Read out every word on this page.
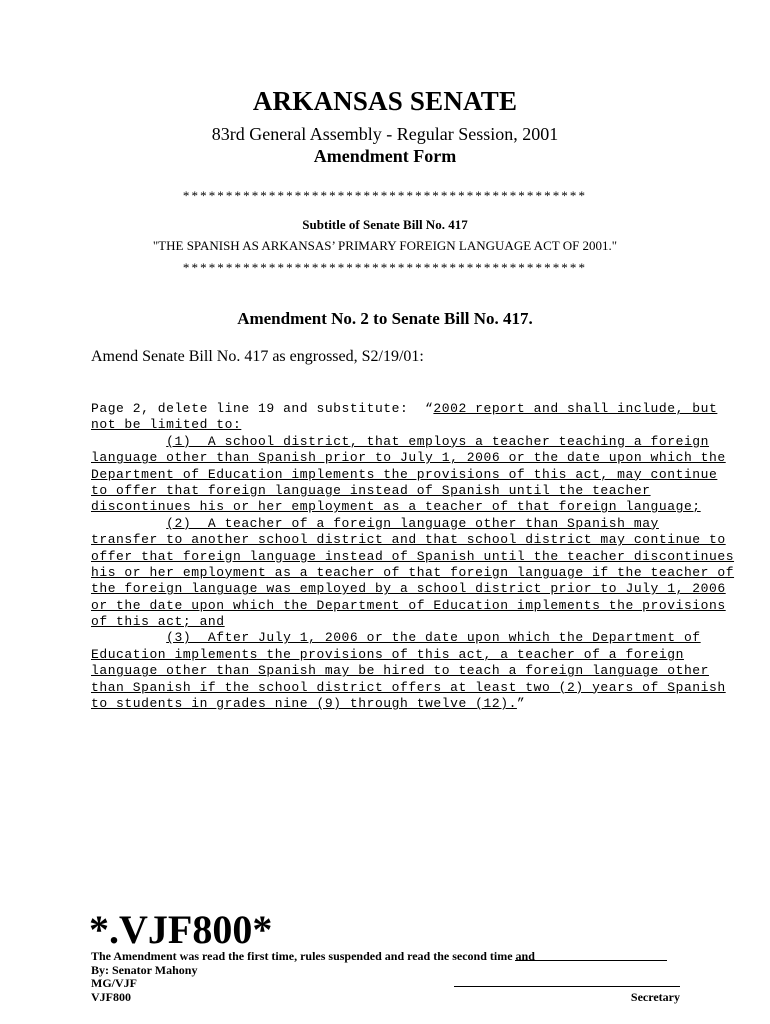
ARKANSAS SENATE
83rd General Assembly - Regular Session, 2001
Amendment Form
***********************************************
Subtitle of Senate Bill No. 417
"THE SPANISH AS ARKANSAS’ PRIMARY FOREIGN LANGUAGE ACT OF 2001."
***********************************************
Amendment No. 2 to Senate Bill No. 417.
Amend Senate Bill No. 417 as engrossed, S2/19/01:
Page 2, delete line 19 and substitute:  “2002 report and shall include, but
not be limited to:
(1)  A school district, that employs a teacher teaching a foreign
language other than Spanish prior to July 1, 2006 or the date upon which the
Department of Education implements the provisions of this act, may continue
to offer that foreign language instead of Spanish until the teacher
discontinues his or her employment as a teacher of that foreign language;
(2)  A teacher of a foreign language other than Spanish may
transfer to another school district and that school district may continue to
offer that foreign language instead of Spanish until the teacher discontinues
his or her employment as a teacher of that foreign language if the teacher of
the foreign language was employed by a school district prior to July 1, 2006
or the date upon which the Department of Education implements the provisions
of this act; and
(3)  After July 1, 2006 or the date upon which the Department of
Education implements the provisions of this act, a teacher of a foreign
language other than Spanish may be hired to teach a foreign language other
than Spanish if the school district offers at least two (2) years of Spanish
to students in grades nine (9) through twelve (12).”
*.VJF800*
The Amendment was read the first time, rules suspended and read the second time and
By: Senator Mahony
MG/VJF
VJF800	Secretary
